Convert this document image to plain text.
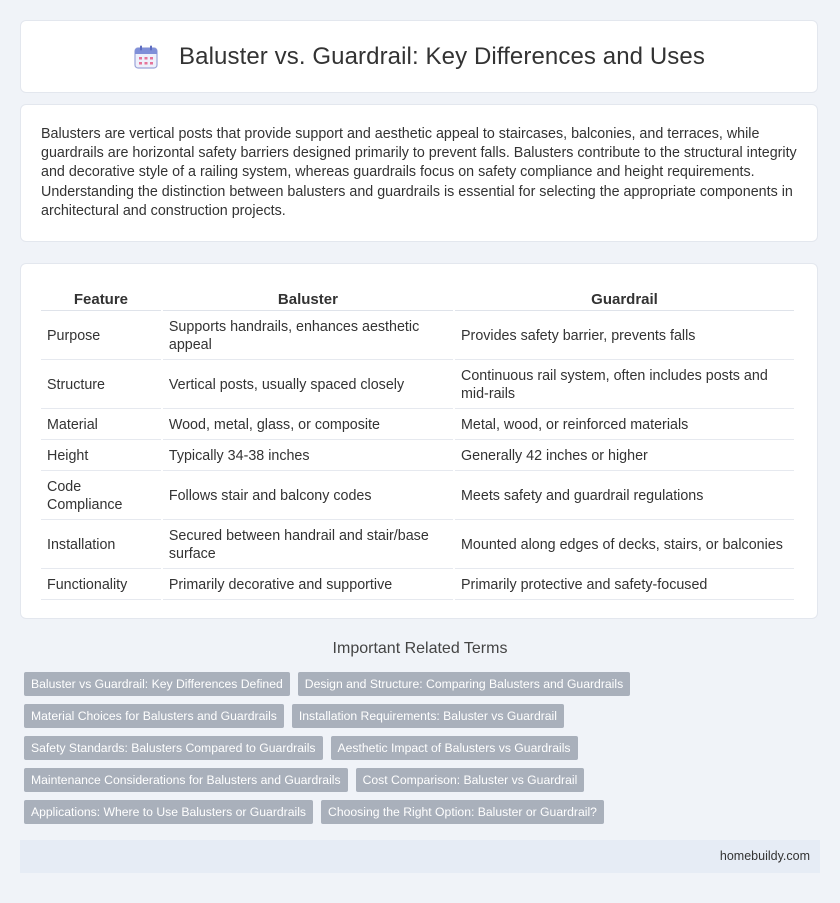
Baluster vs. Guardrail: Key Differences and Uses

Balusters are vertical posts that provide support and aesthetic appeal to staircases, balconies, and terraces, while guardrails are horizontal safety barriers designed primarily to prevent falls. Balusters contribute to the structural integrity and decorative style of a railing system, whereas guardrails focus on safety compliance and height requirements. Understanding the distinction between balusters and guardrails is essential for selecting the appropriate components in architectural and construction projects.

Feature	Baluster	Guardrail
Purpose	Supports handrails, enhances aesthetic appeal	Provides safety barrier, prevents falls
Structure	Vertical posts, usually spaced closely	Continuous rail system, often includes posts and mid-rails
Material	Wood, metal, glass, or composite	Metal, wood, or reinforced materials
Height	Typically 34-38 inches	Generally 42 inches or higher
Code Compliance	Follows stair and balcony codes	Meets safety and guardrail regulations
Installation	Secured between handrail and stair/base surface	Mounted along edges of decks, stairs, or balconies
Functionality	Primarily decorative and supportive	Primarily protective and safety-focused
Important Related Terms
Baluster vs Guardrail: Key Differences Defined	Design and Structure: Comparing Balusters and Guardrails
Material Choices for Balusters and Guardrails	Installation Requirements: Baluster vs Guardrail
Safety Standards: Balusters Compared to Guardrails	Aesthetic Impact of Balusters vs Guardrails
Maintenance Considerations for Balusters and Guardrails	Cost Comparison: Baluster vs Guardrail
Applications: Where to Use Balusters or Guardrails	Choosing the Right Option: Baluster or Guardrail?
homebuildy.com
